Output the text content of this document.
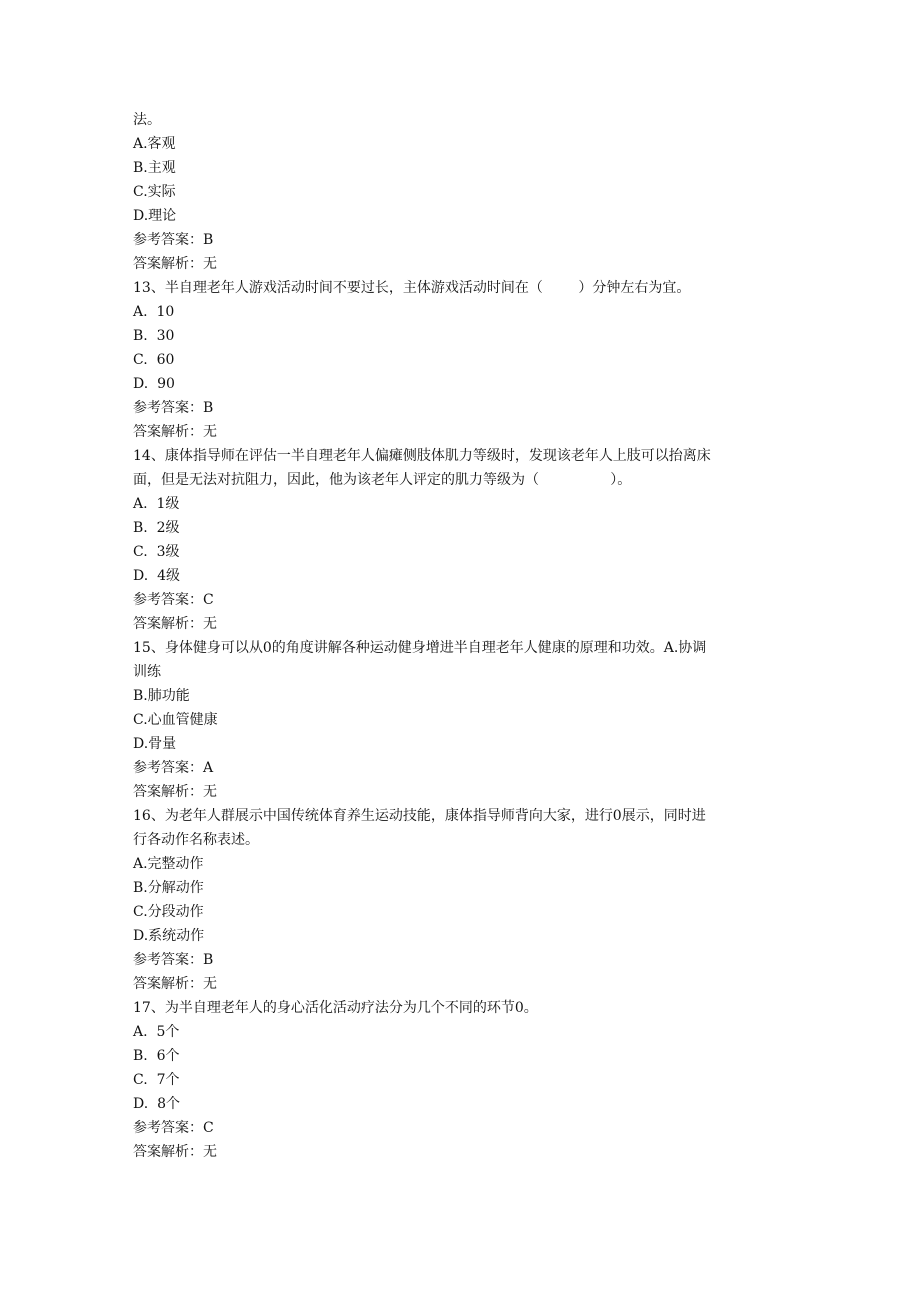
法。
A.客观
B.主观
C.实际
D.理论
参考答案：B
答案解析：无
13、半自理老年人游戏活动时间不要过长，主体游戏活动时间在（        ）分钟左右为宜。
A.  10
B.  30
C.  60
D.  90
参考答案：B
答案解析：无
14、康体指导师在评估一半自理老年人偏瘫侧肢体肌力等级时，发现该老年人上肢可以抬离床
面，但是无法对抗阻力，因此，他为该老年人评定的肌力等级为（                ）。
A.  1级
B.  2级
C.  3级
D.  4级
参考答案：C
答案解析：无
15、身体健身可以从0的角度讲解各种运动健身增进半自理老年人健康的原理和功效。A.协调
训练
B.肺功能
C.心血管健康
D.骨量
参考答案：A
答案解析：无
16、为老年人群展示中国传统体育养生运动技能，康体指导师背向大家，进行0展示，同时进
行各动作名称表述。
A.完整动作
B.分解动作
C.分段动作
D.系统动作
参考答案：B
答案解析：无
17、为半自理老年人的身心活化活动疗法分为几个不同的环节0。
A.  5个
B.  6个
C.  7个
D.  8个
参考答案：C
答案解析：无
